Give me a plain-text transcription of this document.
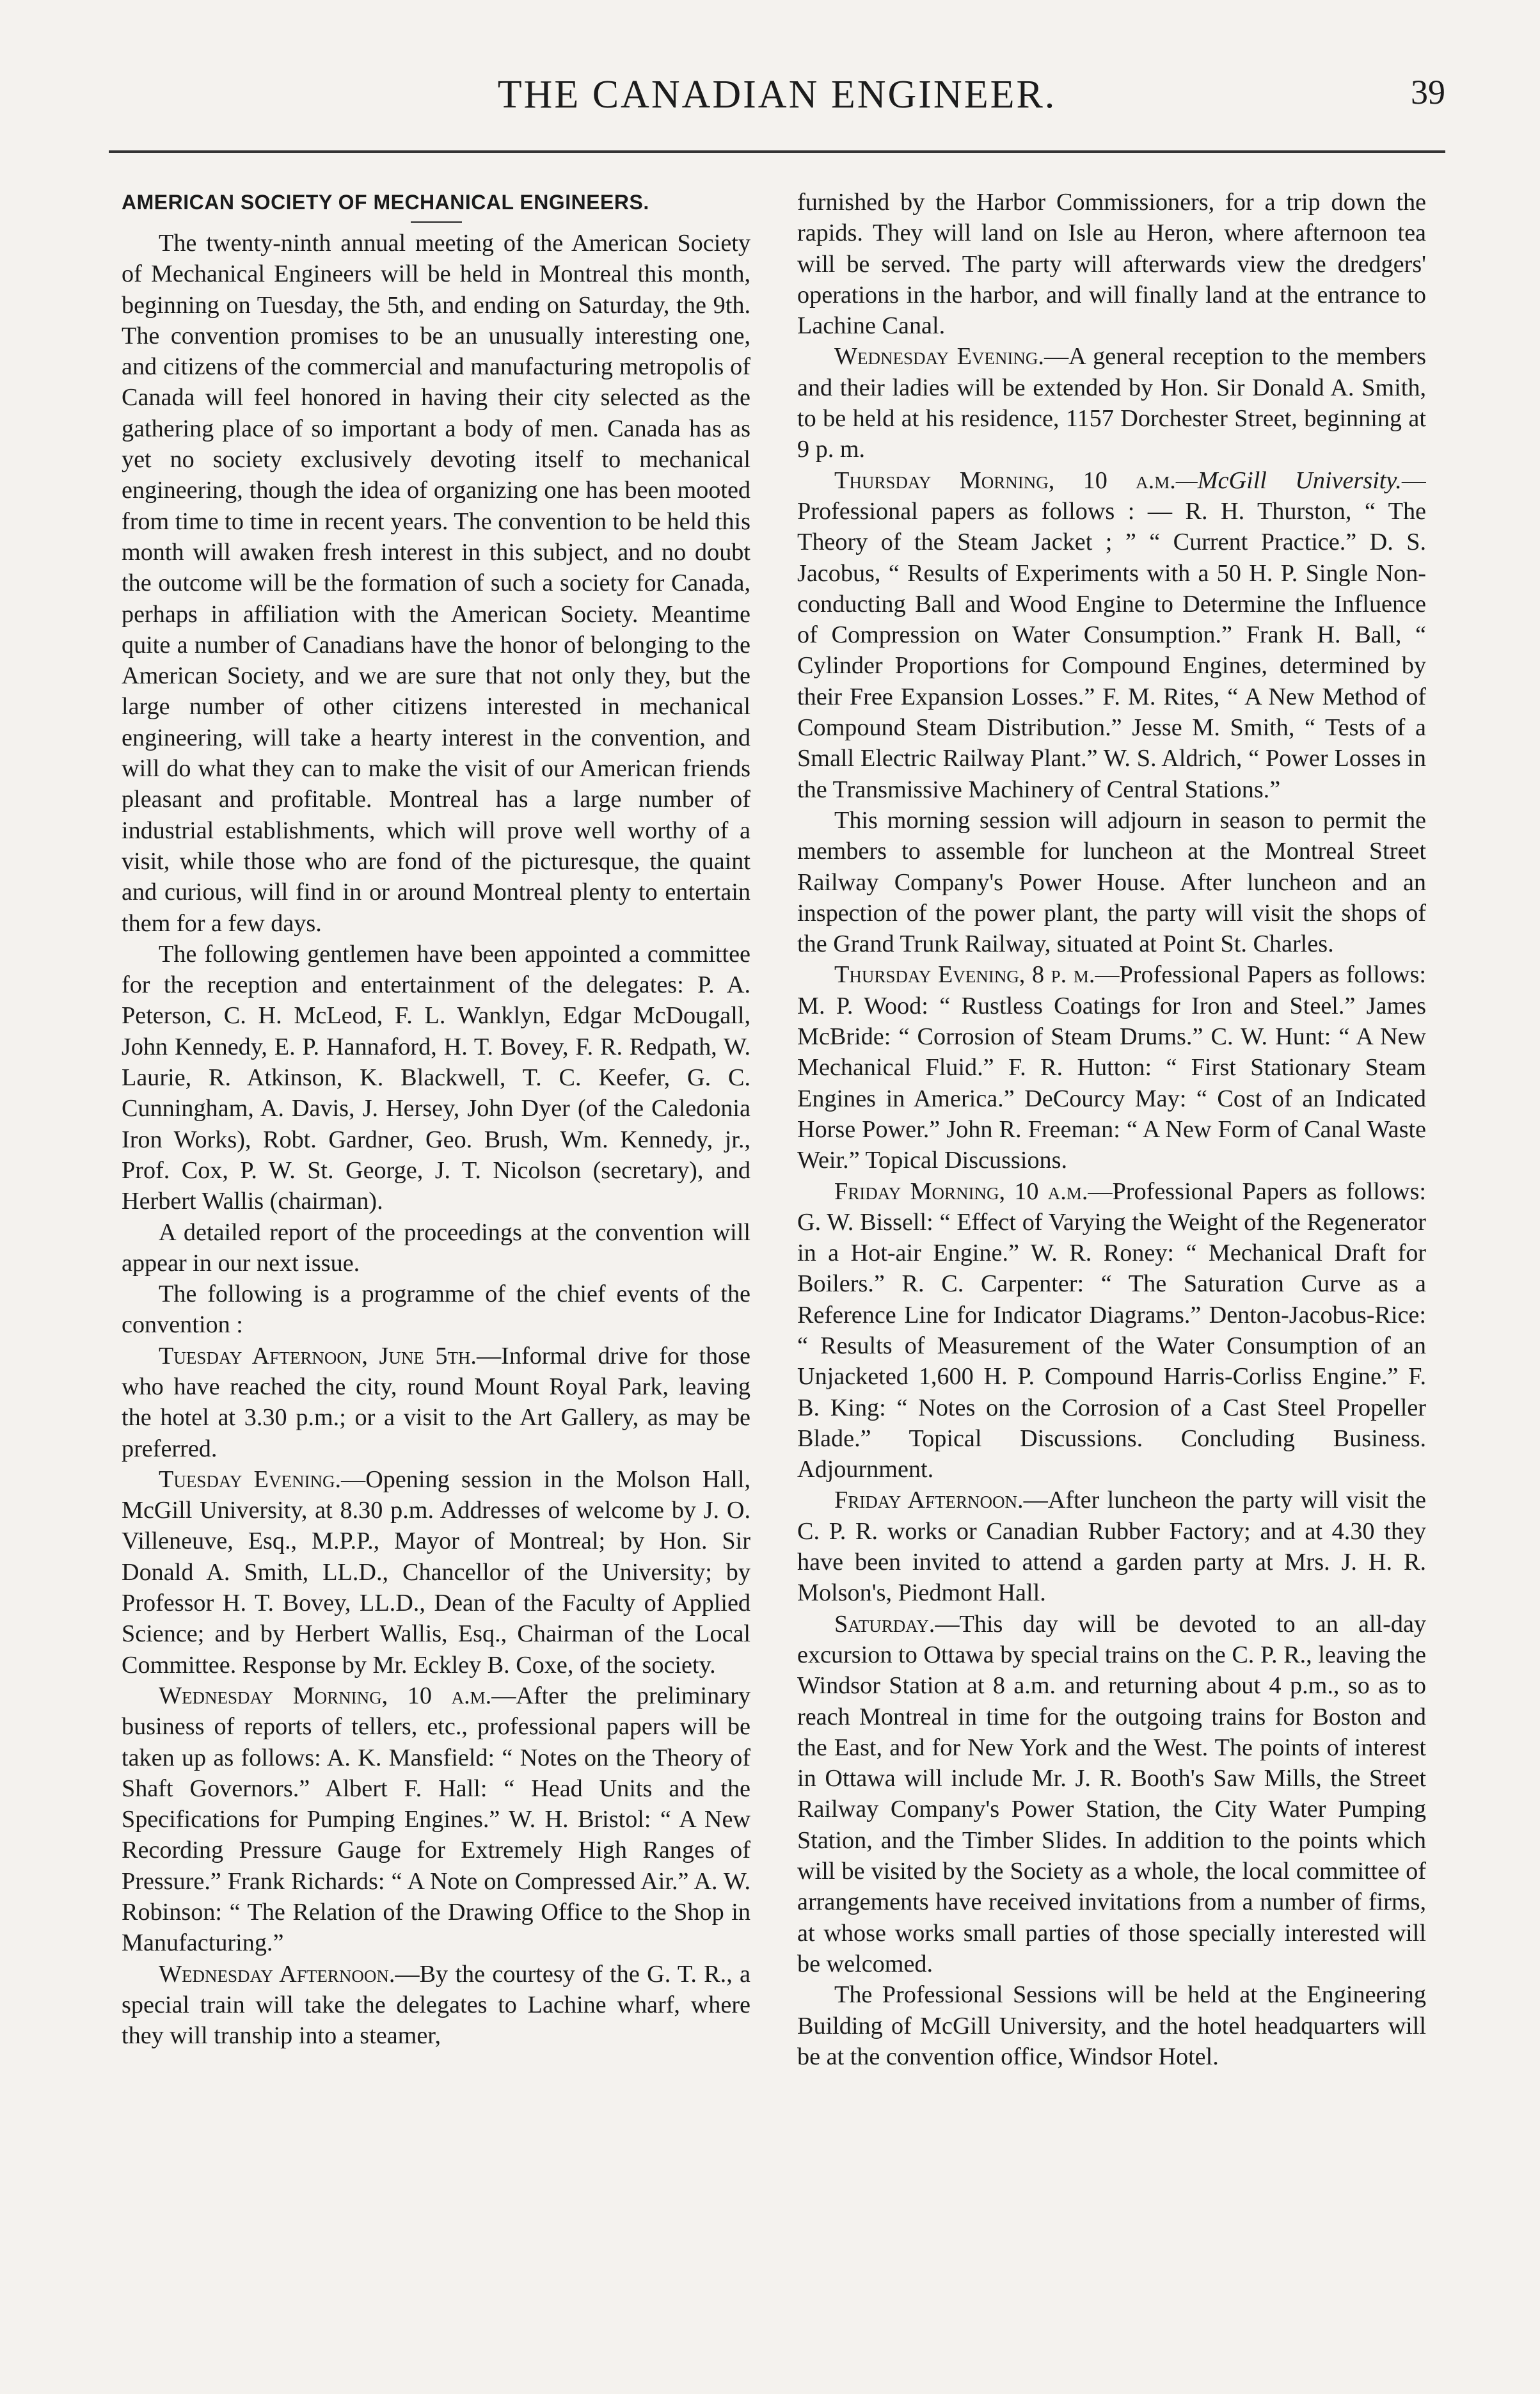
THE CANADIAN ENGINEER.	39
AMERICAN SOCIETY OF MECHANICAL ENGINEERS.

The twenty-ninth annual meeting of the American Society of Mechanical Engineers will be held in Montreal this month, beginning on Tuesday, the 5th, and ending on Saturday, the 9th. The convention promises to be an unusually interesting one, and citizens of the commercial and manufacturing metropolis of Canada will feel honored in having their city selected as the gathering place of so important a body of men. Canada has as yet no society exclusively devoting itself to mechanical engineering, though the idea of organizing one has been mooted from time to time in recent years. The convention to be held this month will awaken fresh interest in this subject, and no doubt the outcome will be the formation of such a society for Canada, perhaps in affiliation with the American Society. Meantime quite a number of Canadians have the honor of belonging to the American Society, and we are sure that not only they, but the large number of other citizens interested in mechanical engineering, will take a hearty interest in the convention, and will do what they can to make the visit of our American friends pleasant and profitable. Montreal has a large number of industrial establishments, which will prove well worthy of a visit, while those who are fond of the picturesque, the quaint and curious, will find in or around Montreal plenty to entertain them for a few days.

The following gentlemen have been appointed a committee for the reception and entertainment of the delegates: P. A. Peterson, C. H. McLeod, F. L. Wanklyn, Edgar McDougall, John Kennedy, E. P. Hannaford, H. T. Bovey, F. R. Redpath, W. Laurie, R. Atkinson, K. Blackwell, T. C. Keefer, G. C. Cunningham, A. Davis, J. Hersey, John Dyer (of the Caledonia Iron Works), Robt. Gardner, Geo. Brush, Wm. Kennedy, jr., Prof. Cox, P. W. St. George, J. T. Nicolson (secretary), and Herbert Wallis (chairman).

A detailed report of the proceedings at the convention will appear in our next issue.

The following is a programme of the chief events of the convention :

Tuesday Afternoon, June 5th.—Informal drive for those who have reached the city, round Mount Royal Park, leaving the hotel at 3.30 p.m.; or a visit to the Art Gallery, as may be preferred.

Tuesday Evening.—Opening session in the Molson Hall, McGill University, at 8.30 p.m. Addresses of welcome by J. O. Villeneuve, Esq., M.P.P., Mayor of Montreal; by Hon. Sir Donald A. Smith, LL.D., Chancellor of the University; by Professor H. T. Bovey, LL.D., Dean of the Faculty of Applied Science; and by Herbert Wallis, Esq., Chairman of the Local Committee. Response by Mr. Eckley B. Coxe, of the society.

Wednesday Morning, 10 a.m.—After the preliminary business of reports of tellers, etc., professional papers will be taken up as follows: A. K. Mansfield: “ Notes on the Theory of Shaft Governors.” Albert F. Hall: “ Head Units and the Specifications for Pumping Engines.” W. H. Bristol: “ A New Recording Pressure Gauge for Extremely High Ranges of Pressure.” Frank Richards: “ A Note on Compressed Air.” A. W. Robinson: “ The Relation of the Drawing Office to the Shop in Manufacturing.”

Wednesday Afternoon.—By the courtesy of the G. T. R., a special train will take the delegates to Lachine wharf, where they will tranship into a steamer,

furnished by the Harbor Commissioners, for a trip down the rapids. They will land on Isle au Heron, where afternoon tea will be served. The party will afterwards view the dredgers' operations in the harbor, and will finally land at the entrance to Lachine Canal.

Wednesday Evening.—A general reception to the members and their ladies will be extended by Hon. Sir Donald A. Smith, to be held at his residence, 1157 Dorchester Street, beginning at 9 p. m.

Thursday Morning, 10 a.m.—McGill University.— Professional papers as follows : — R. H. Thurston, “ The Theory of the Steam Jacket ; ” “ Current Practice.” D. S. Jacobus, “ Results of Experiments with a 50 H. P. Single Non-conducting Ball and Wood Engine to Determine the Influence of Compression on Water Consumption.” Frank H. Ball, “ Cylinder Proportions for Compound Engines, determined by their Free Expansion Losses.” F. M. Rites, “ A New Method of Compound Steam Distribution.” Jesse M. Smith, “ Tests of a Small Electric Railway Plant.” W. S. Aldrich, “ Power Losses in the Transmissive Machinery of Central Stations.”

This morning session will adjourn in season to permit the members to assemble for luncheon at the Montreal Street Railway Company's Power House. After luncheon and an inspection of the power plant, the party will visit the shops of the Grand Trunk Railway, situated at Point St. Charles.

Thursday Evening, 8 p. m.—Professional Papers as follows: M. P. Wood: “ Rustless Coatings for Iron and Steel.” James McBride: “ Corrosion of Steam Drums.” C. W. Hunt: “ A New Mechanical Fluid.” F. R. Hutton: “ First Stationary Steam Engines in America.” DeCourcy May: “ Cost of an Indicated Horse Power.” John R. Freeman: “ A New Form of Canal Waste Weir.” Topical Discussions.

Friday Morning, 10 a.m.—Professional Papers as follows: G. W. Bissell: “ Effect of Varying the Weight of the Regenerator in a Hot-air Engine.” W. R. Roney: “ Mechanical Draft for Boilers.” R. C. Carpenter: “ The Saturation Curve as a Reference Line for Indicator Diagrams.” Denton-Jacobus-Rice: “ Results of Measurement of the Water Consumption of an Unjacketed 1,600 H. P. Compound Harris-Corliss Engine.” F. B. King: “ Notes on the Corrosion of a Cast Steel Propeller Blade.” Topical Discussions. Concluding Business. Adjournment.

Friday Afternoon.—After luncheon the party will visit the C. P. R. works or Canadian Rubber Factory; and at 4.30 they have been invited to attend a garden party at Mrs. J. H. R. Molson's, Piedmont Hall.

Saturday.—This day will be devoted to an all-day excursion to Ottawa by special trains on the C. P. R., leaving the Windsor Station at 8 a.m. and returning about 4 p.m., so as to reach Montreal in time for the outgoing trains for Boston and the East, and for New York and the West. The points of interest in Ottawa will include Mr. J. R. Booth's Saw Mills, the Street Railway Company's Power Station, the City Water Pumping Station, and the Timber Slides. In addition to the points which will be visited by the Society as a whole, the local committee of arrangements have received invitations from a number of firms, at whose works small parties of those specially interested will be welcomed.

The Professional Sessions will be held at the Engineering Building of McGill University, and the hotel headquarters will be at the convention office, Windsor Hotel.
